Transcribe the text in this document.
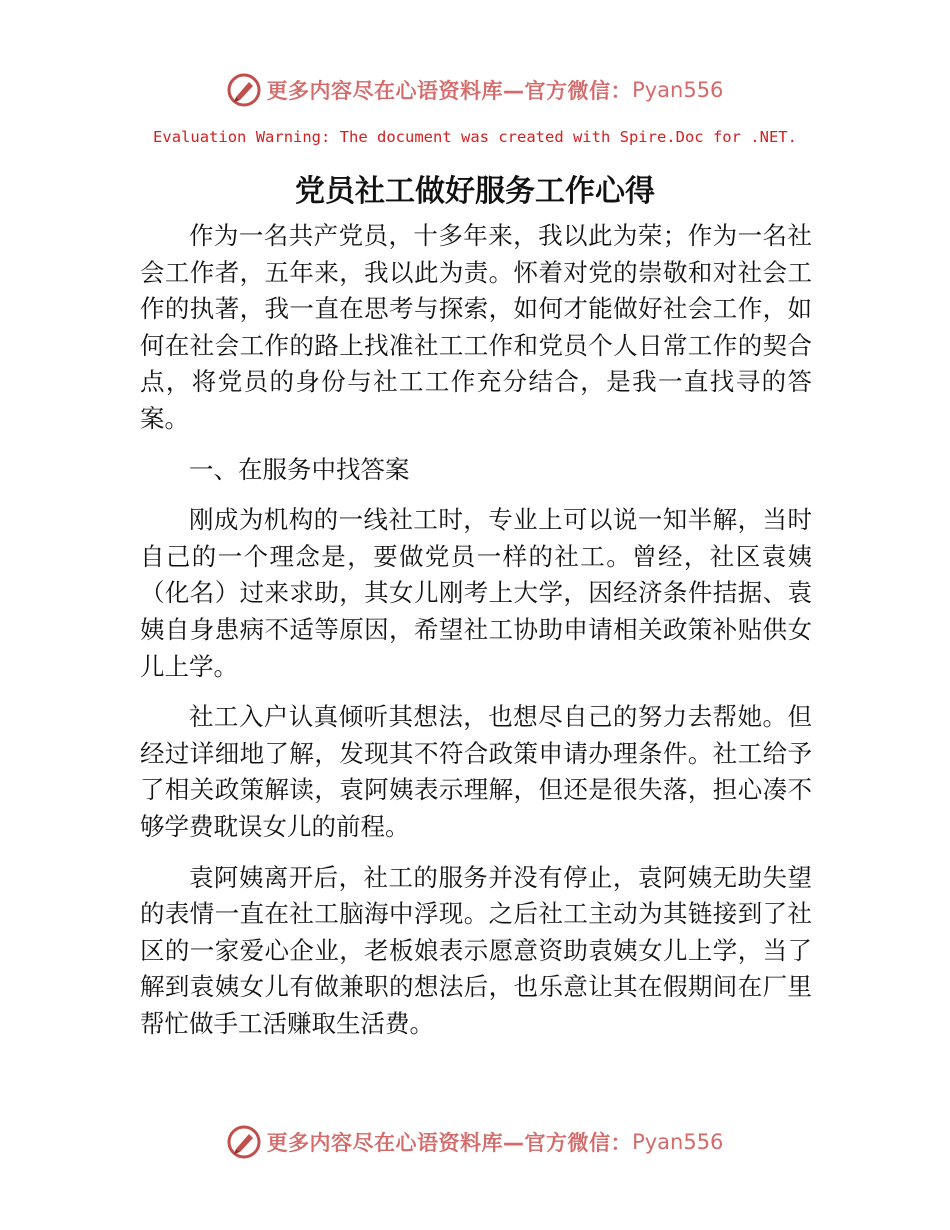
更多内容尽在心语资料库—官方微信： Pyan556
Evaluation Warning: The document was created with Spire.Doc for .NET.
党员社工做好服务工作心得

作为一名共产党员，十多年来，我以此为荣；作为一名社会工作者，五年来，我以此为责。怀着对党的崇敬和对社会工作的执著，我一直在思考与探索，如何才能做好社会工作，如何在社会工作的路上找准社工工作和党员个人日常工作的契合点，将党员的身份与社工工作充分结合，是我一直找寻的答案。

一、在服务中找答案

刚成为机构的一线社工时，专业上可以说一知半解，当时自己的一个理念是，要做党员一样的社工。曾经，社区袁姨（化名）过来求助，其女儿刚考上大学，因经济条件拮据、袁姨自身患病不适等原因，希望社工协助申请相关政策补贴供女儿上学。

社工入户认真倾听其想法，也想尽自己的努力去帮她。但经过详细地了解，发现其不符合政策申请办理条件。社工给予了相关政策解读，袁阿姨表示理解，但还是很失落，担心凑不够学费耽误女儿的前程。

袁阿姨离开后，社工的服务并没有停止，袁阿姨无助失望的表情一直在社工脑海中浮现。之后社工主动为其链接到了社区的一家爱心企业，老板娘表示愿意资助袁姨女儿上学，当了解到袁姨女儿有做兼职的想法后，也乐意让其在假期间在厂里帮忙做手工活赚取生活费。

更多内容尽在心语资料库—官方微信： Pyan556
